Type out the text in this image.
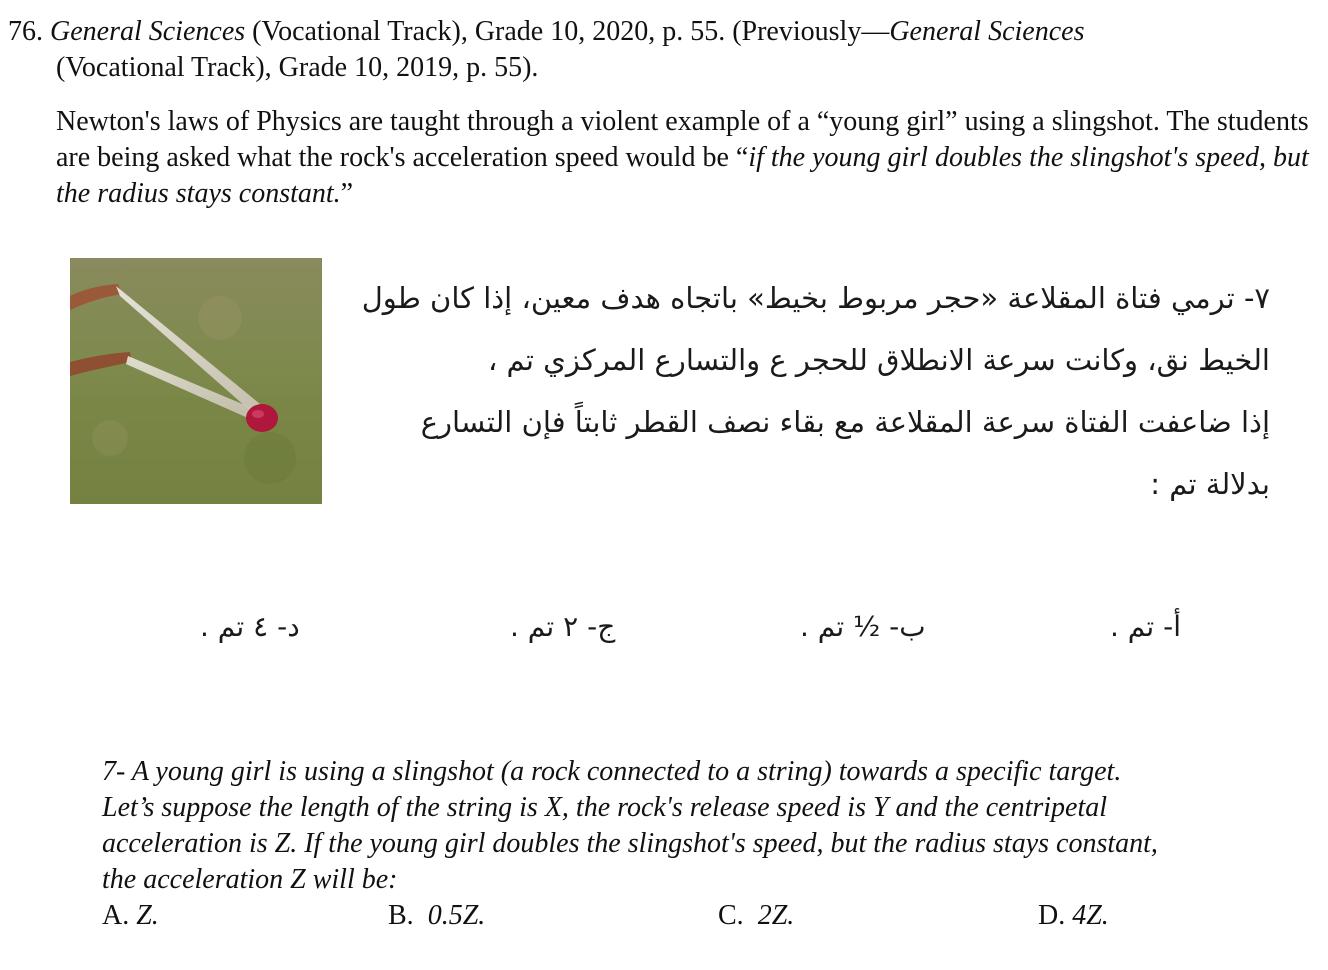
76. General Sciences (Vocational Track), Grade 10, 2020, p. 55. (Previously—General Sciences
(Vocational Track), Grade 10, 2019, p. 55).
Newton's laws of Physics are taught through a violent example of a “young girl” using a slingshot. The students are being asked what the rock's acceleration speed would be “if the young girl doubles the slingshot's speed, but the radius stays constant.”

٧- ترمي فتاة المقلاعة «حجر مربوط بخيط» باتجاه هدف معين، إذا كان طول

الخيط نق، وكانت سرعة الانطلاق للحجر ع والتسارع المركزي تم ،

إذا ضاعفت الفتاة سرعة المقلاعة مع بقاء نصف القطر ثابتاً فإن التسارع

بدلالة تم :

د- ٤ تم .	ج- ٢ تم .	ب- ½ تم .	أ- تم .

7- A young girl is using a slingshot (a rock connected to a string) towards a specific target.

Let’s suppose the length of the string is X, the rock's release speed is Y and the centripetal

acceleration is Z. If the young girl doubles the slingshot's speed, but the radius stays constant,

the acceleration Z will be:

A. Z.	B. 0.5Z.	C. 2Z.	D. 4Z.
